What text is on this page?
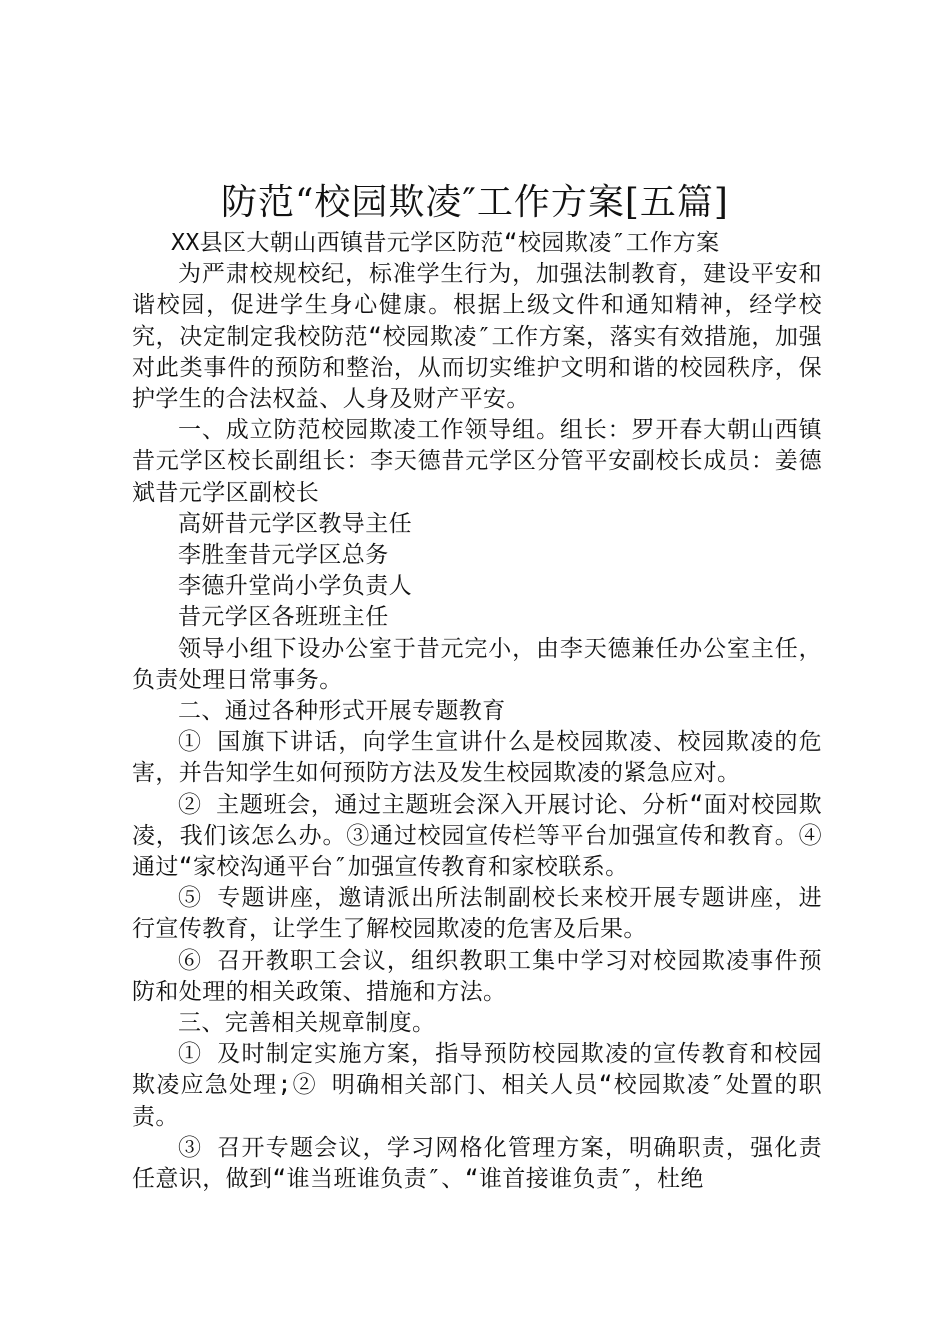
防范“校园欺凌″工作方案[五篇]

XX县区大朝山西镇昔元学区防范“校园欺凌″工作方案

为严肃校规校纪，标准学生行为，加强法制教育，建设平安和谐校园，促进学生身心健康。根据上级文件和通知精神，经学校究，决定制定我校防范“校园欺凌″工作方案，落实有效措施，加强对此类事件的预防和整治，从而切实维护文明和谐的校园秩序，保护学生的合法权益、人身及财产平安。

一、成立防范校园欺凌工作领导组。组长：罗开春大朝山西镇昔元学区校长副组长：李天德昔元学区分管平安副校长成员：姜德斌昔元学区副校长

高妍昔元学区教导主任

李胜奎昔元学区总务

李德升堂尚小学负责人

昔元学区各班班主任

领导小组下设办公室于昔元完小，由李天德兼任办公室主任，负责处理日常事务。

二、通过各种形式开展专题教育

① 国旗下讲话，向学生宣讲什么是校园欺凌、校园欺凌的危害，并告知学生如何预防方法及发生校园欺凌的紧急应对。

② 主题班会，通过主题班会深入开展讨论、分析“面对校园欺凌，我们该怎么办。③通过校园宣传栏等平台加强宣传和教育。④通过“家校沟通平台″加强宣传教育和家校联系。

⑤ 专题讲座，邀请派出所法制副校长来校开展专题讲座，进行宣传教育，让学生了解校园欺凌的危害及后果。

⑥ 召开教职工会议，组织教职工集中学习对校园欺凌事件预防和处理的相关政策、措施和方法。

三、完善相关规章制度。

① 及时制定实施方案，指导预防校园欺凌的宣传教育和校园欺凌应急处理;② 明确相关部门、相关人员“校园欺凌″处置的职责。

③ 召开专题会议，学习网格化管理方案，明确职责，强化责任意识，做到“谁当班谁负责″、“谁首接谁负责″，杜绝
